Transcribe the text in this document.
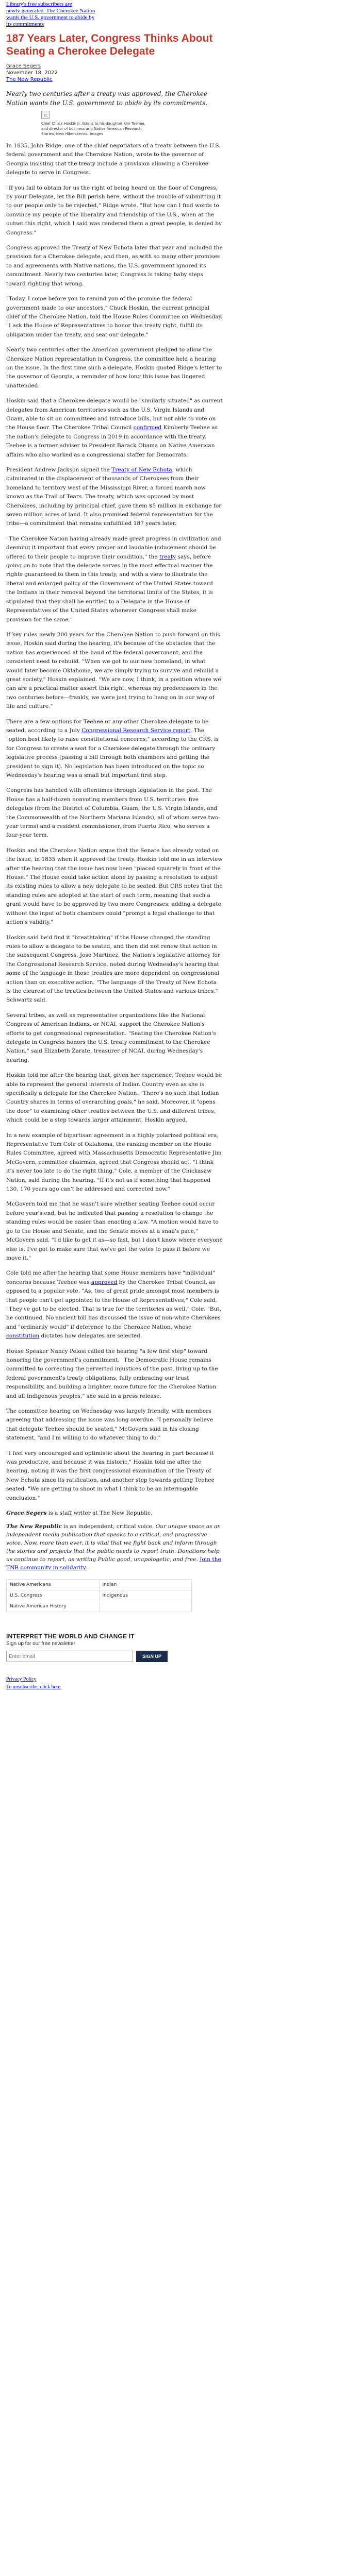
Library's free subscribers are
newly generated. The Cherokee Nation
wants the U.S. government to abide by
its commitments
187 Years Later, Congress Thinks About Seating a Cherokee Delegate
Grace Segers
November 18, 2022
The New Republic
Nearly two centuries after a treaty was approved, the Cherokee Nation wants the U.S. government to abide by its commitments.
▫
Chief Chuck Hoskin Jr. listens to his daughter Kim Teehee, and director of business and Native American Research Stories, New Hiberskersts. Images

In 1835, John Ridge, one of the chief negotiators of a treaty between the U.S. federal government and the Cherokee Nation, wrote to the governor of Georgia insisting that the treaty include a provision allowing a Cherokee delegate to serve in Congress.

"If you fail to obtain for us the right of being heard on the floor of Congress, by your Delegate, let the Bill perish here, without the trouble of submitting it to our people only to be rejected," Ridge wrote. "But how can I find words to convince my people of the liberality and friendship of the U.S., when at the outset this right, which I said was rendered them a great people, is denied by Congress."

Congress approved the Treaty of New Echota later that year and included the provision for a Cherokee delegate, and then, as with so many other promises to and agreements with Native nations, the U.S. government ignored its commitment. Nearly two centuries later, Congress is taking baby steps toward righting that wrong.

"Today, I come before you to remind you of the promise the federal government made to our ancestors," Chuck Hoskin, the current principal chief of the Cherokee Nation, told the House Rules Committee on Wednesday. "I ask the House of Representatives to honor this treaty right, fulfill its obligation under the treaty, and seat our delegate."

Nearly two centuries after the American government pledged to allow the Cherokee Nation representation in Congress, the committee held a hearing on the issue. In the first time such a delegate, Hoskin quoted Ridge's letter to the governor of Georgia, a reminder of how long this issue has lingered unattended.

Hoskin said that a Cherokee delegate would be "similarly situated" as current delegates from American territories such as the U.S. Virgin Islands and Guam, able to sit on committees and introduce bills, but not able to vote on the House floor. The Cherokee Tribal Council confirmed Kimberly Teehee as the nation's delegate to Congress in 2019 in accordance with the treaty. Teehee is a former adviser to President Barack Obama on Native American affairs who also worked as a congressional staffer for Democrats.

President Andrew Jackson signed the Treaty of New Echota, which culminated in the displacement of thousands of Cherokees from their homeland to territory west of the Mississippi River, a forced march now known as the Trail of Tears. The treaty, which was opposed by most Cherokees, including by principal chief, gave them $5 million in exchange for seven million acres of land. It also promised federal representation for the tribe—a commitment that remains unfulfilled 187 years later.

"The Cherokee Nation having already made great progress in civilization and deeming it important that every proper and laudable inducement should be offered to their people to improve their condition," the treaty says, before going on to note that the delegate serves in the most effectual manner the rights guaranteed to them in this treaty, and with a view to illustrate the liberal and enlarged policy of the Government of the United States toward the Indians in their removal beyond the territorial limits of the States, it is stipulated that they shall be entitled to a Delegate in the House of Representatives of the United States whenever Congress shall make provision for the same."

If key rules newly 200 years for the Cherokee Nation to push forward on this issue, Hoskin said during the hearing, it's because of the obstacles that the nation has experienced at the hand of the federal government, and the consistent need to rebuild. "When we got to our new homeland, in what would later become Oklahoma, we are simply trying to survive and rebuild a great society," Hoskin explained. "We are now, I think, in a position where we can are a practical matter assert this right, whereas my predecessors in the two centuries before—frankly, we were just trying to hang on in our way of life and culture."

There are a few options for Teehee or any other Cherokee delegate to be seated, according to a July Congressional Research Service report. The "option best likely to raise constitutional concerns," according to the CRS, is for Congress to create a seat for a Cherokee delegate through the ordinary legislative process (passing a bill through both chambers and getting the president to sign it). No legislation has been introduced on the topic so Wednesday's hearing was a small but important first step.

Congress has handled with oftentimes through legislation in the past. The House has a half-dozen nonvoting members from U.S. territories: five delegates (from the District of Columbia, Guam, the U.S. Virgin Islands, and the Commonwealth of the Northern Mariana Islands), all of whom serve two-year terms) and a resident commissioner, from Puerto Rico, who serves a four-year term.

Hoskin and the Cherokee Nation argue that the Senate has already voted on the issue, in 1835 when it approved the treaty. Hoskin told me in an interview after the hearing that the issue has now been "placed squarely in front of the House." The House could take action alone by passing a resolution to adjust its existing rules to allow a new delegate to be seated. But CRS notes that the standing rules are adopted at the start of each term, meaning that such a grant would have to be approved by two more Congresses: adding a delegate without the input of both chambers could "prompt a legal challenge to that action's validity."

Hoskin said he'd find it "breathtaking" if the House changed the standing rules to allow a delegate to be seated, and then did not renew that action in the subsequent Congress, Jose Martinez, the Nation's legislative attorney for the Congressional Research Service, noted during Wednesday's hearing that some of the language in those treaties are more dependent on congressional action than on executive action. "The language of the Treaty of New Echota is the clearest of the treaties between the United States and various tribes," Schwartz said.

Several tribes, as well as representative organizations like the National Congress of American Indians, or NCAI, support the Cherokee Nation's efforts to get congressional representation. "Seating the Cherokee Nation's delegate in Congress honors the U.S. treaty commitment to the Cherokee Nation," said Elizabeth Zarate, treasurer of NCAI, during Wednesday's hearing.

Hoskin told me after the hearing that, given her experience, Teehee would be able to represent the general interests of Indian Country even as she is specifically a delegate for the Cherokee Nation. "There's no such that Indian Country shares in terms of overarching goals," he said. Moreover, it "opens the door" to examining other treaties between the U.S. and different tribes, which could be a step towards larger attainment, Hoskin argued.

In a new example of bipartisan agreement in a highly polarized political era, Representative Tom Cole of Oklahoma, the ranking member on the House Rules Committee, agreed with Massachusetts Democratic Representative Jim McGovern, committee chairman, agreed that Congress should act. "I think it's never too late to do the right thing," Cole, a member of the Chickasaw Nation, said during the hearing. "If it's not as if something that happened 130, 170 years ago can't be addressed and corrected now."

McGovern told me that he wasn't sure whether seating Teehee could occur before year's end, but he indicated that passing a resolution to change the standing rules would be easier than enacting a law. "A motion would have to go to the House and Senate, and the Senate moves at a snail's pace," McGovern said. "I'd like to get it as—so fast, but I don't know where everyone else is. I've got to make sure that we've got the votes to pass it before we move it."

Cole told me after the hearing that some House members have "individual" concerns because Teehee was approved by the Cherokee Tribal Council, as opposed to a popular vote. "As, two of great pride amongst most members is that people can't get appointed to the House of Representatives," Cole said. "They've got to be elected. That is true for the territories as well," Cole. "But, he continued, No ancient bill has discussed the issue of non-white Cherokees and "ordinarily would" if deference to the Cherokee Nation, whose constitution dictates how delegates are selected.

House Speaker Nancy Pelosi called the hearing "a few first step" toward honoring the government's commitment. "The Democratic House remains committed to correcting the perverted injustices of the past, living up to the federal government's treaty obligations, fully embracing our trust responsibility, and building a brighter, more future for the Cherokee Nation and all Indigenous peoples," she said in a press release.

The committee hearing on Wednesday was largely friendly, with members agreeing that addressing the issue was long overdue. "I personally believe that delegate Teehee should be seated," McGovern said in his closing statement, "and I'm willing to do whatever thing to do."

"I feel very encouraged and optimistic about the hearing in part because it was productive, and because it was historic," Hoskin told me after the hearing, noting it was the first congressional examination of the Treaty of New Echota since its ratification, and another step towards getting Teehee seated. "We are getting to shoot in what I think to be an interrogable conclusion."

Grace Segers is a staff writer at The New Republic.
The New Republic is an independent, critical voice. Our unique space as an independent media publication that speaks to a critical, and progressive voice. Now, more than ever, it is vital that we fight back and inform through the stories and projects that the public needs to report truth. Donations help us continue to report, as writing Public good, unapologetic, and free. Join the TNR community in solidarity.
Native Americans	Indian
U.S. Congress	Indigenous
Native American History
INTERPRET THE WORLD AND CHANGE IT
Sign up for our free newsletter
Enter email
SIGN UP
Privacy Policy
To unsubscribe, click here.
